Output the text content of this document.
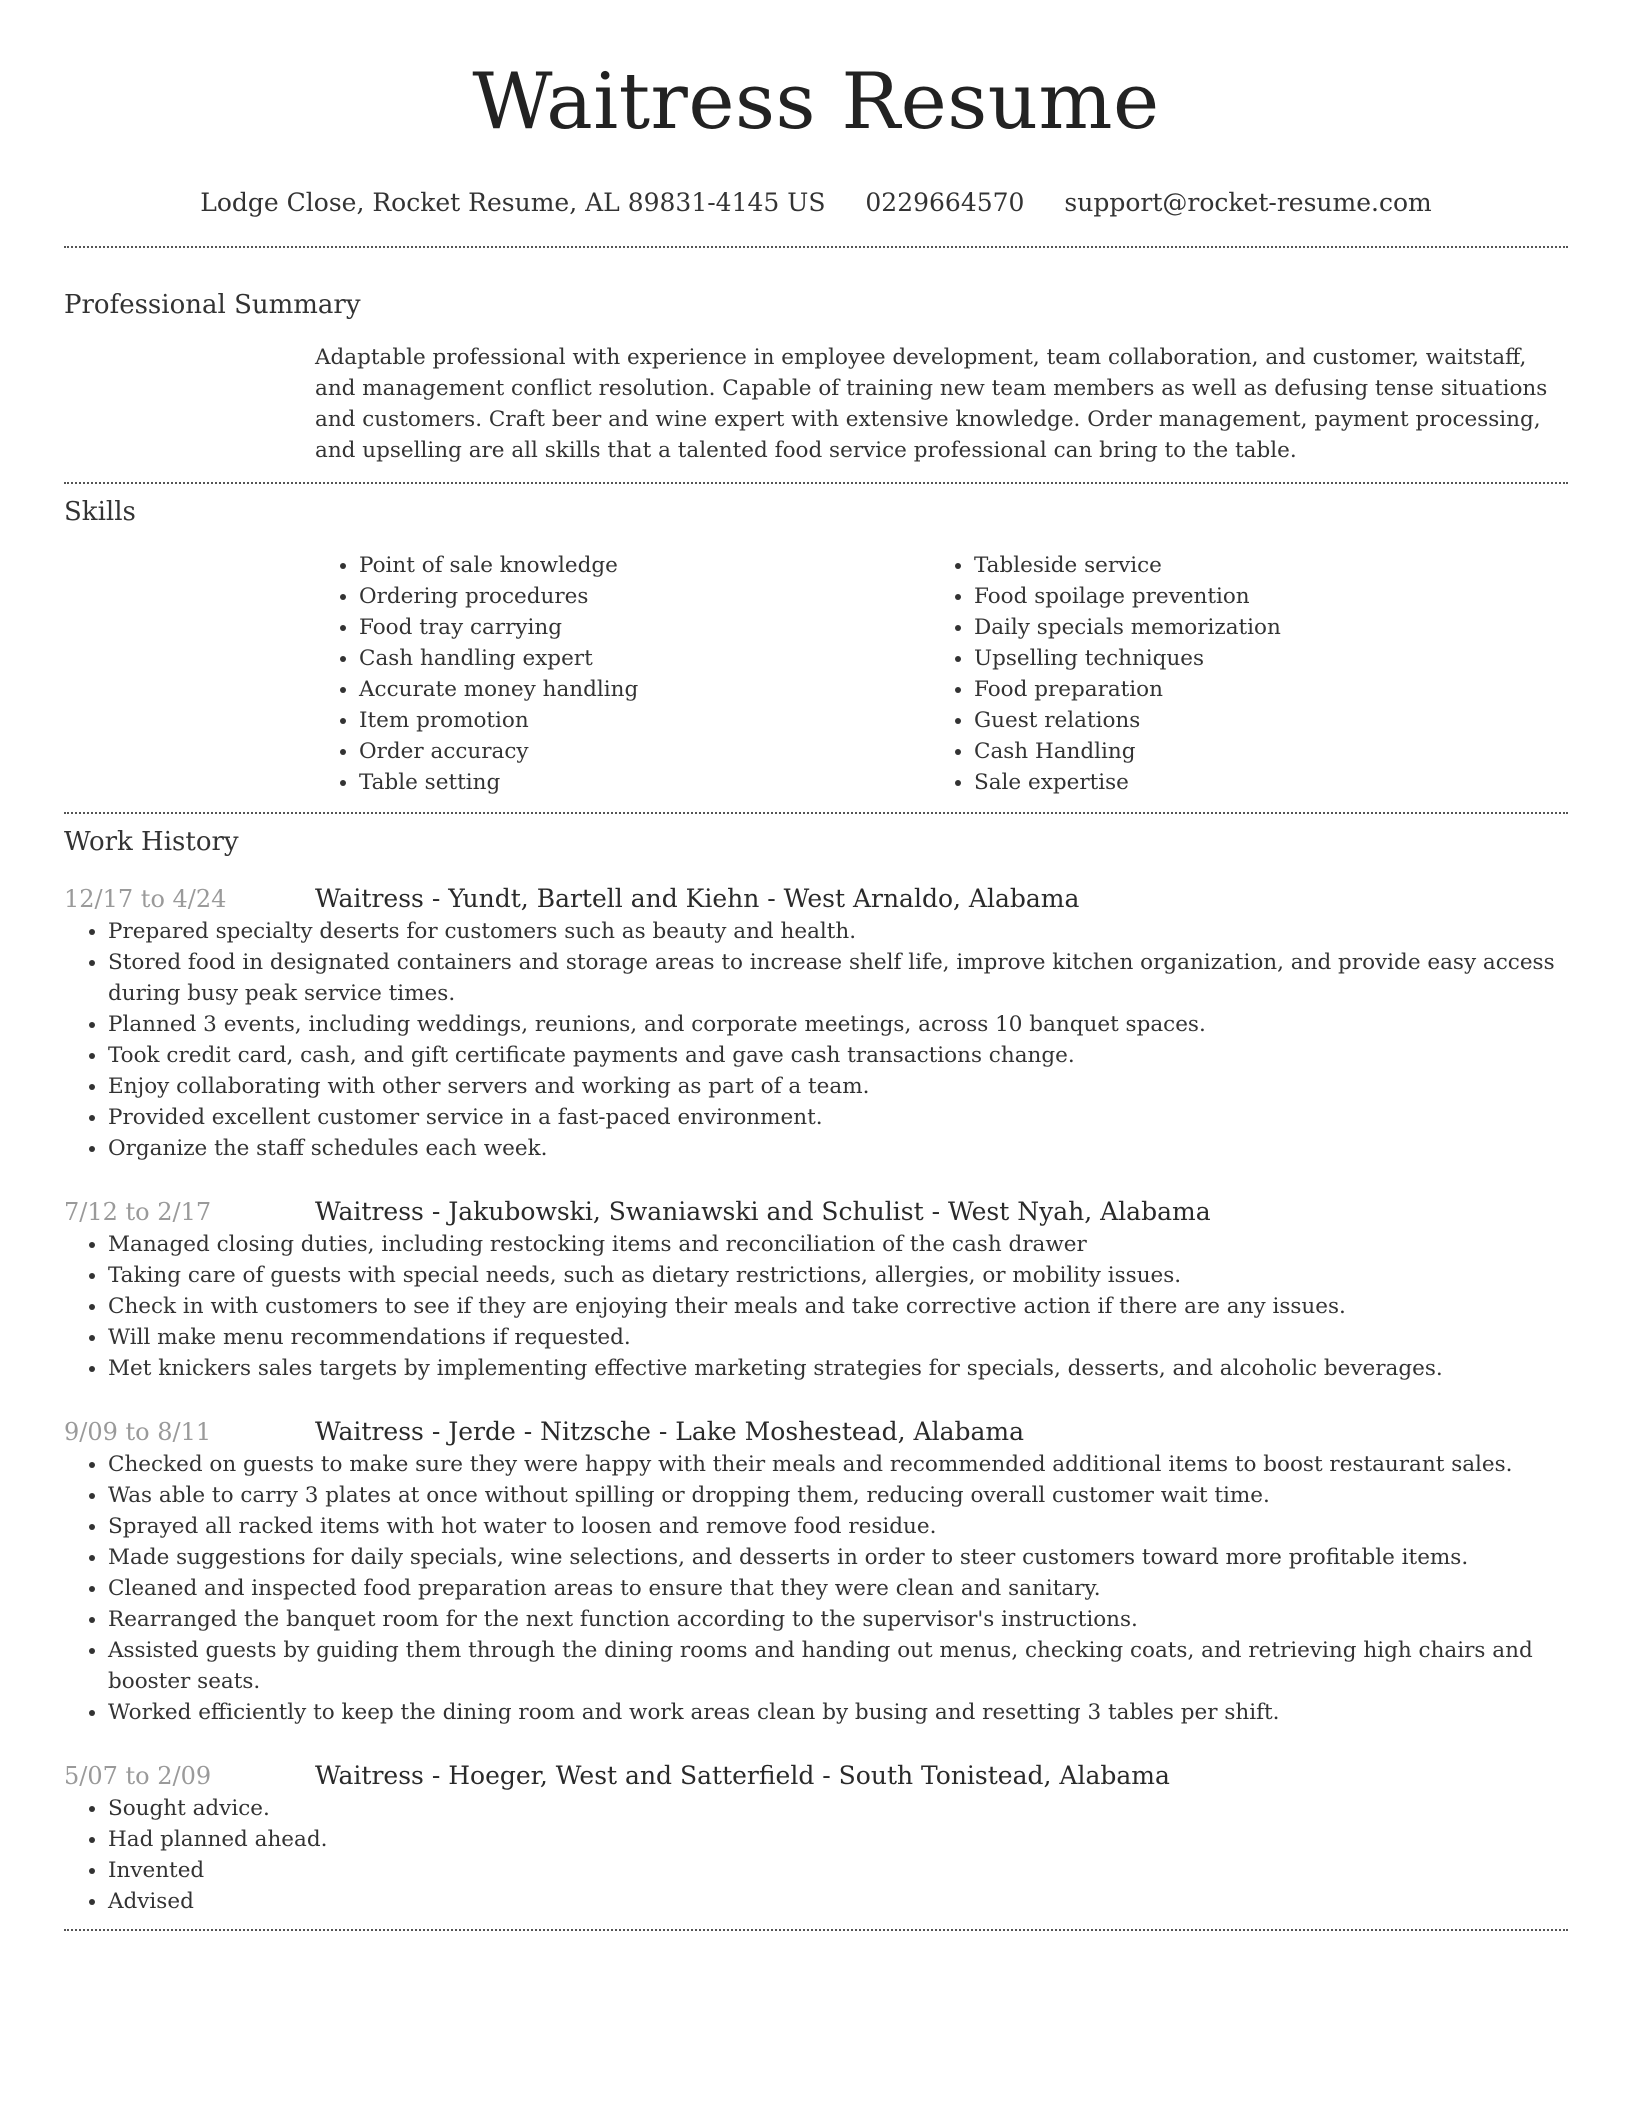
Waitress Resume
Lodge Close, Rocket Resume, AL 89831-4145 US 0229664570 support@rocket-resume.com
Professional Summary

Adaptable professional with experience in employee development, team collaboration, and customer, waitstaff, and management conflict resolution. Capable of training new team members as well as defusing tense situations and customers. Craft beer and wine expert with extensive knowledge. Order management, payment processing, and upselling are all skills that a talented food service professional can bring to the table.

Skills
• Point of sale knowledge
• Ordering procedures
• Food tray carrying
• Cash handling expert
• Accurate money handling
• Item promotion
• Order accuracy
• Table setting
• Tableside service
• Food spoilage prevention
• Daily specials memorization
• Upselling techniques
• Food preparation
• Guest relations
• Cash Handling
• Sale expertise
Work History
12/17 to 4/24	Waitress - Yundt, Bartell and Kiehn - West Arnaldo, Alabama
• Prepared specialty deserts for customers such as beauty and health.
• Stored food in designated containers and storage areas to increase shelf life, improve kitchen organization, and provide easy access during busy peak service times.
• Planned 3 events, including weddings, reunions, and corporate meetings, across 10 banquet spaces.
• Took credit card, cash, and gift certificate payments and gave cash transactions change.
• Enjoy collaborating with other servers and working as part of a team.
• Provided excellent customer service in a fast-paced environment.
• Organize the staff schedules each week.
7/12 to 2/17	Waitress - Jakubowski, Swaniawski and Schulist - West Nyah, Alabama
• Managed closing duties, including restocking items and reconciliation of the cash drawer
• Taking care of guests with special needs, such as dietary restrictions, allergies, or mobility issues.
• Check in with customers to see if they are enjoying their meals and take corrective action if there are any issues.
• Will make menu recommendations if requested.
• Met knickers sales targets by implementing effective marketing strategies for specials, desserts, and alcoholic beverages.
9/09 to 8/11	Waitress - Jerde - Nitzsche - Lake Moshestead, Alabama
• Checked on guests to make sure they were happy with their meals and recommended additional items to boost restaurant sales.
• Was able to carry 3 plates at once without spilling or dropping them, reducing overall customer wait time.
• Sprayed all racked items with hot water to loosen and remove food residue.
• Made suggestions for daily specials, wine selections, and desserts in order to steer customers toward more profitable items.
• Cleaned and inspected food preparation areas to ensure that they were clean and sanitary.
• Rearranged the banquet room for the next function according to the supervisor's instructions.
• Assisted guests by guiding them through the dining rooms and handing out menus, checking coats, and retrieving high chairs and booster seats.
• Worked efficiently to keep the dining room and work areas clean by busing and resetting 3 tables per shift.
5/07 to 2/09	Waitress - Hoeger, West and Satterfield - South Tonistead, Alabama
• Sought advice.
• Had planned ahead.
• Invented
• Advised
